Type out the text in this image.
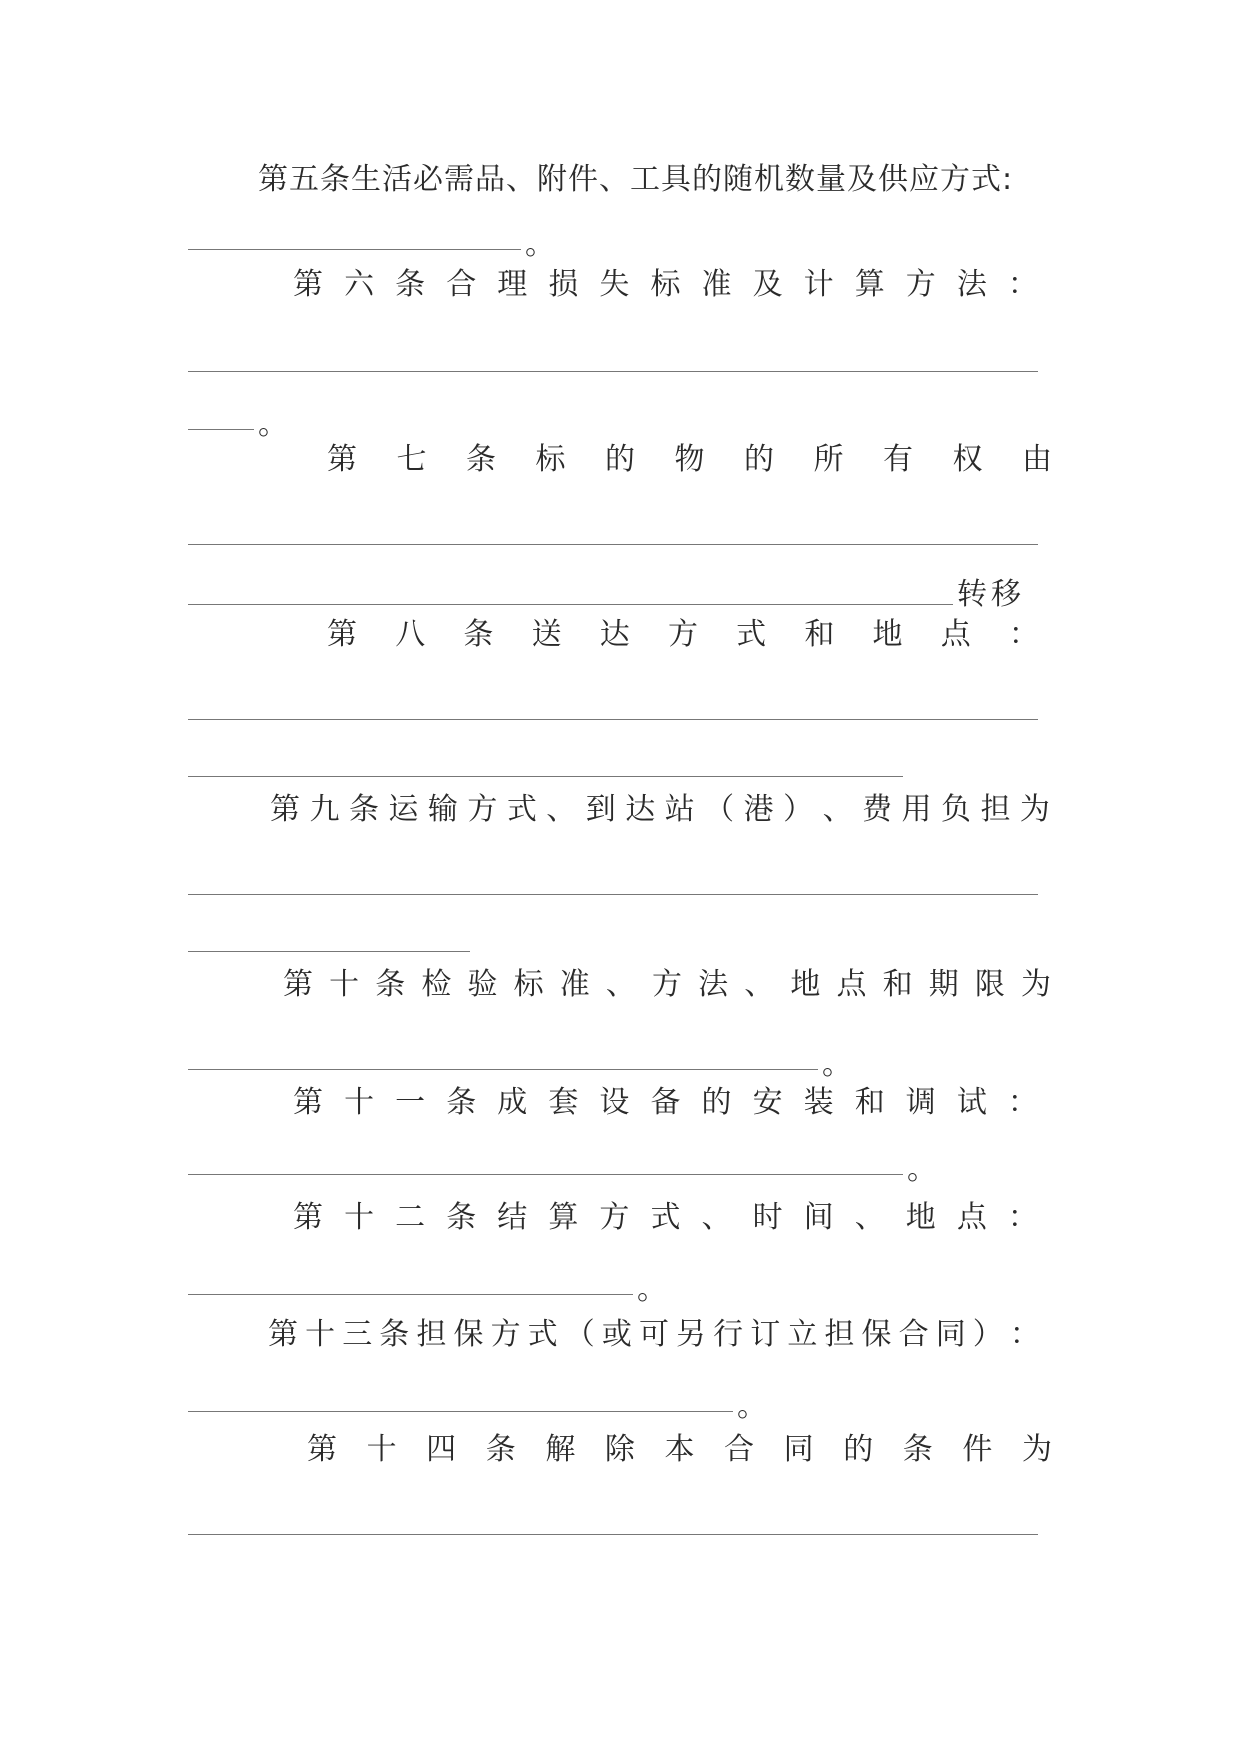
第五条生活必需品、附件、工具的随机数量及供应方式:
。
第 六 条 合 理 损 失 标 准 及 计 算 方 法 ：
。
第 七 条 标 的 物 的 所 有 权 由
转移
第 八 条 送 达 方 式 和 地 点 ：
第 九 条 运 输 方 式 、 到 达 站 （ 港 ） 、 费 用 负 担 为
第 十 条 检 验 标 准 、 方 法 、 地 点 和 期 限 为
。
第 十 一 条 成 套 设 备 的 安 装 和 调 试 ：
。
第 十 二 条 结 算 方 式 、 时 间 、 地 点 ：
。
第 十 三 条 担 保 方 式 （ 或 可 另 行 订 立 担 保 合 同 ） ：
。
第 十 四 条 解 除 本 合 同 的 条 件 为
